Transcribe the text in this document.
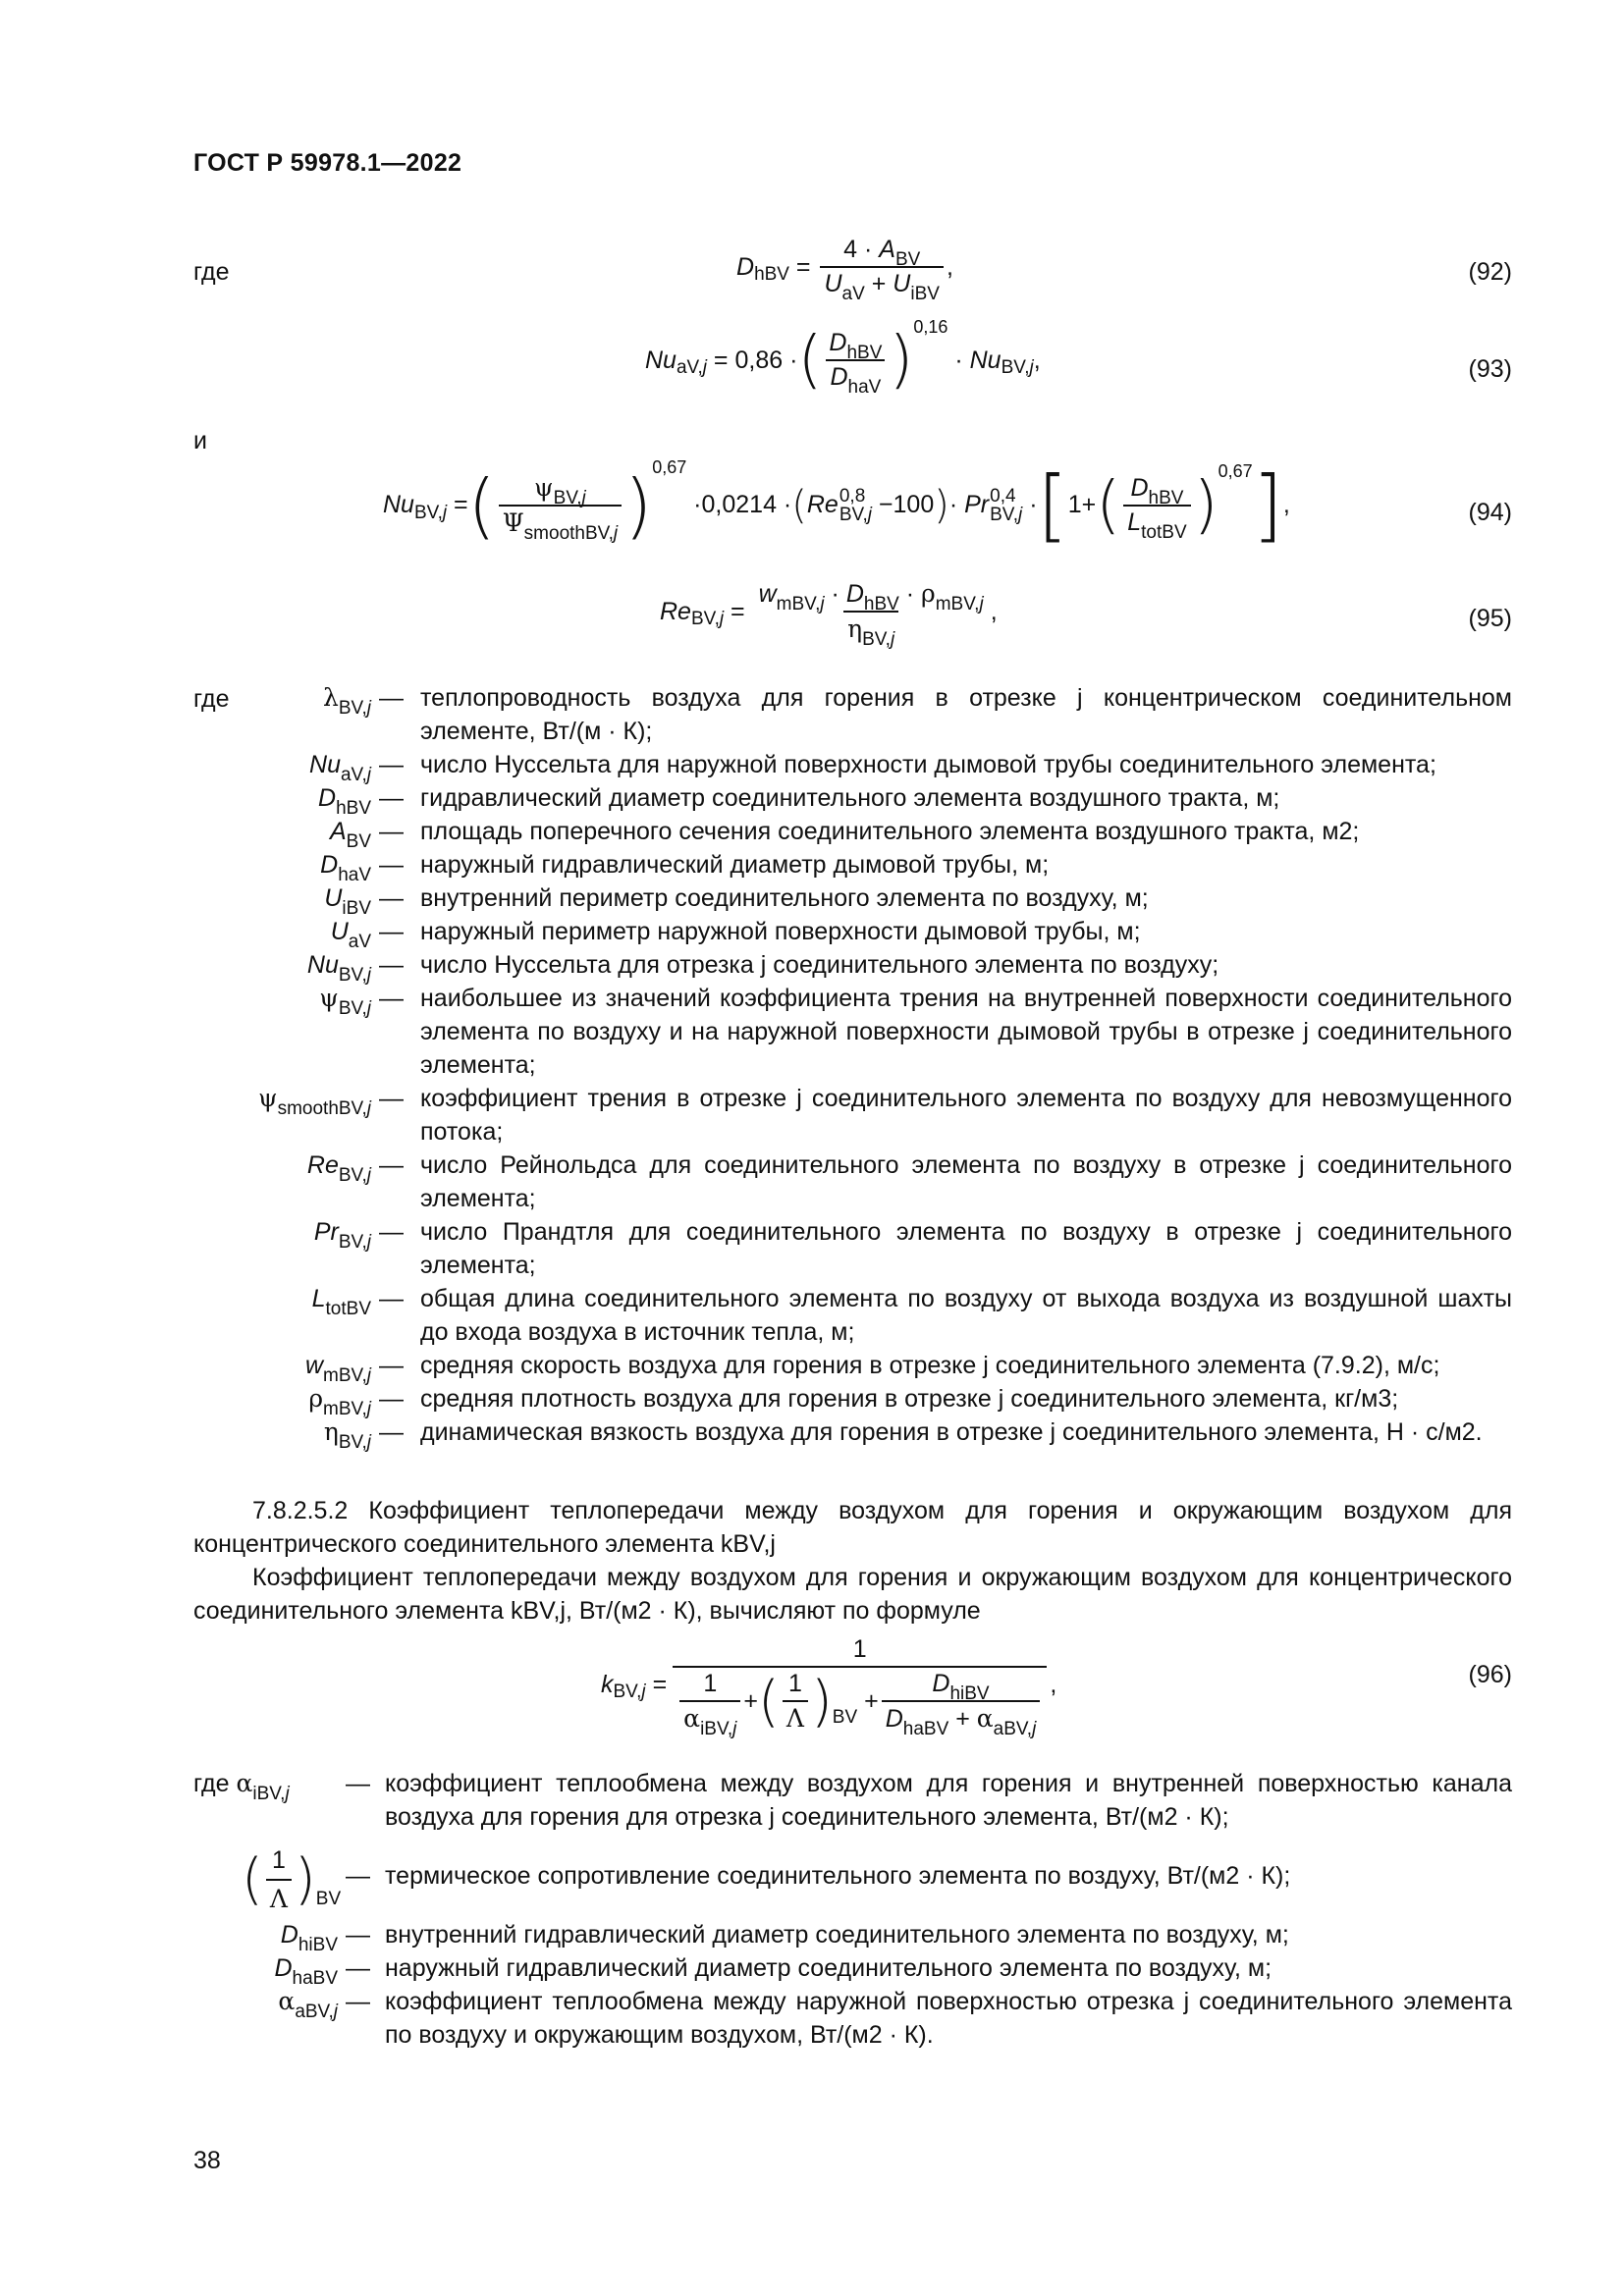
ГОСТ Р 59978.1—2022
где	D hBV = $\frac{4 \cdot A_{BV}}{U_{aV} + U_{iBV}}$ ,	(92)
Nu aV,j = 0,86 · ( $\frac{D_{hBV}}{D_{haV}}$ ) 0,16
· Nu BV,j ,	(93)
и
Nu BV,j = ( $\frac{\psi_{BV,j}}{\Psi_{smoothBV,j}}$ ) 0,67
· 0,0214 · ( Re 0,8
BV,j − 100 ) · Pr 0,4
BV,j · [ 1 + ( $\frac{D_{hBV}}{L_{totBV}}$ ) 0,67 ] ,	(94)
Re $BV,j = \frac{w_{mBV,j} \cdot D_{hBV} \cdot \rho_{mBV,j}}{\eta_{BV,j}}$ ,	(95)
где	$\lambda_{BV,j}$ — теплопроводность воздуха для горения в отрезке j концентрическом соединительном элементе, Вт/(м · К);
$Nu_{aV,j}$ — число Нуссельта для наружной поверхности дымовой трубы соединительного элемента;
$D_{hBV}$ — гидравлический диаметр соединительного элемента воздушного тракта, м;
$A_{BV}$ — площадь поперечного сечения соединительного элемента воздушного тракта, м2;
$D_{haV}$ — наружный гидравлический диаметр дымовой трубы, м;
$U_{iBV}$ — внутренний периметр соединительного элемента по воздуху, м;
$U_{aV}$ — наружный периметр наружной поверхности дымовой трубы, м;
$Nu_{BV,j}$ — число Нуссельта для отрезка j соединительного элемента по воздуху;
$\psi_{BV,j}$ — наибольшее из значений коэффициента трения на внутренней поверхности соединительного элемента по воздуху и на наружной поверхности дымовой трубы в отрезке j соединительного элемента;
$\psi_{smoothBV,j}$ — коэффициент трения в отрезке j соединительного элемента по воздуху для невозмущенного потока;
$Re_{BV,j}$ — число Рейнольдса для соединительного элемента по воздуху в отрезке j соединительного элемента;
$Pr_{BV,j}$ — число Прандтля для соединительного элемента по воздуху в отрезке j соединительного элемента;
$L_{totBV}$ — общая длина соединительного элемента по воздуху от выхода воздуха из воздушной шахты до входа воздуха в источник тепла, м;
$w_{mBV,j}$ — средняя скорость воздуха для горения в отрезке j соединительного элемента (7.9.2), м/с;
$\rho_{mBV,j}$ — средняя плотность воздуха для горения в отрезке j соединительного элемента, кг/м3;
$\eta_{BV,j}$ — динамическая вязкость воздуха для горения в отрезке j соединительного элемента, Н · с/м2.
7.8.2.5.2 Коэффициент теплопередачи между воздухом для горения и окружающим воздухом для концентрического соединительного элемента kBV,j
Коэффициент теплопередачи между воздухом для горения и окружающим воздухом для концентрического соединительного элемента kBV,j, Вт/(м2 · К), вычисляют по формуле
k BV,j = 1
$\frac{1}{\alpha_{iBV,j}}$ + ( $\frac{1}{\Lambda}$ ) BV
+ $\frac{D_{hiBV}}{D_{haBV} + \alpha_{aBV,j}}$ ,	(96)
где $\alpha_{iBV,j}$ — коэффициент теплообмена между воздухом для горения и внутренней поверхностью канала воздуха для горения для отрезка j соединительного элемента, Вт/(м2 · К);
( $\frac{1}{\Lambda}$ ) BV
— термическое сопротивление соединительного элемента по воздуху, Вт/(м2 · К);
$D_{hiBV}$ — внутренний гидравлический диаметр соединительного элемента по воздуху, м;
$D_{haBV}$ — наружный гидравлический диаметр соединительного элемента по воздуху, м;
$\alpha_{aBV,j}$ — коэффициент теплообмена между наружной поверхностью отрезка j соединительного элемента по воздуху и окружающим воздухом, Вт/(м2 · К).
38
